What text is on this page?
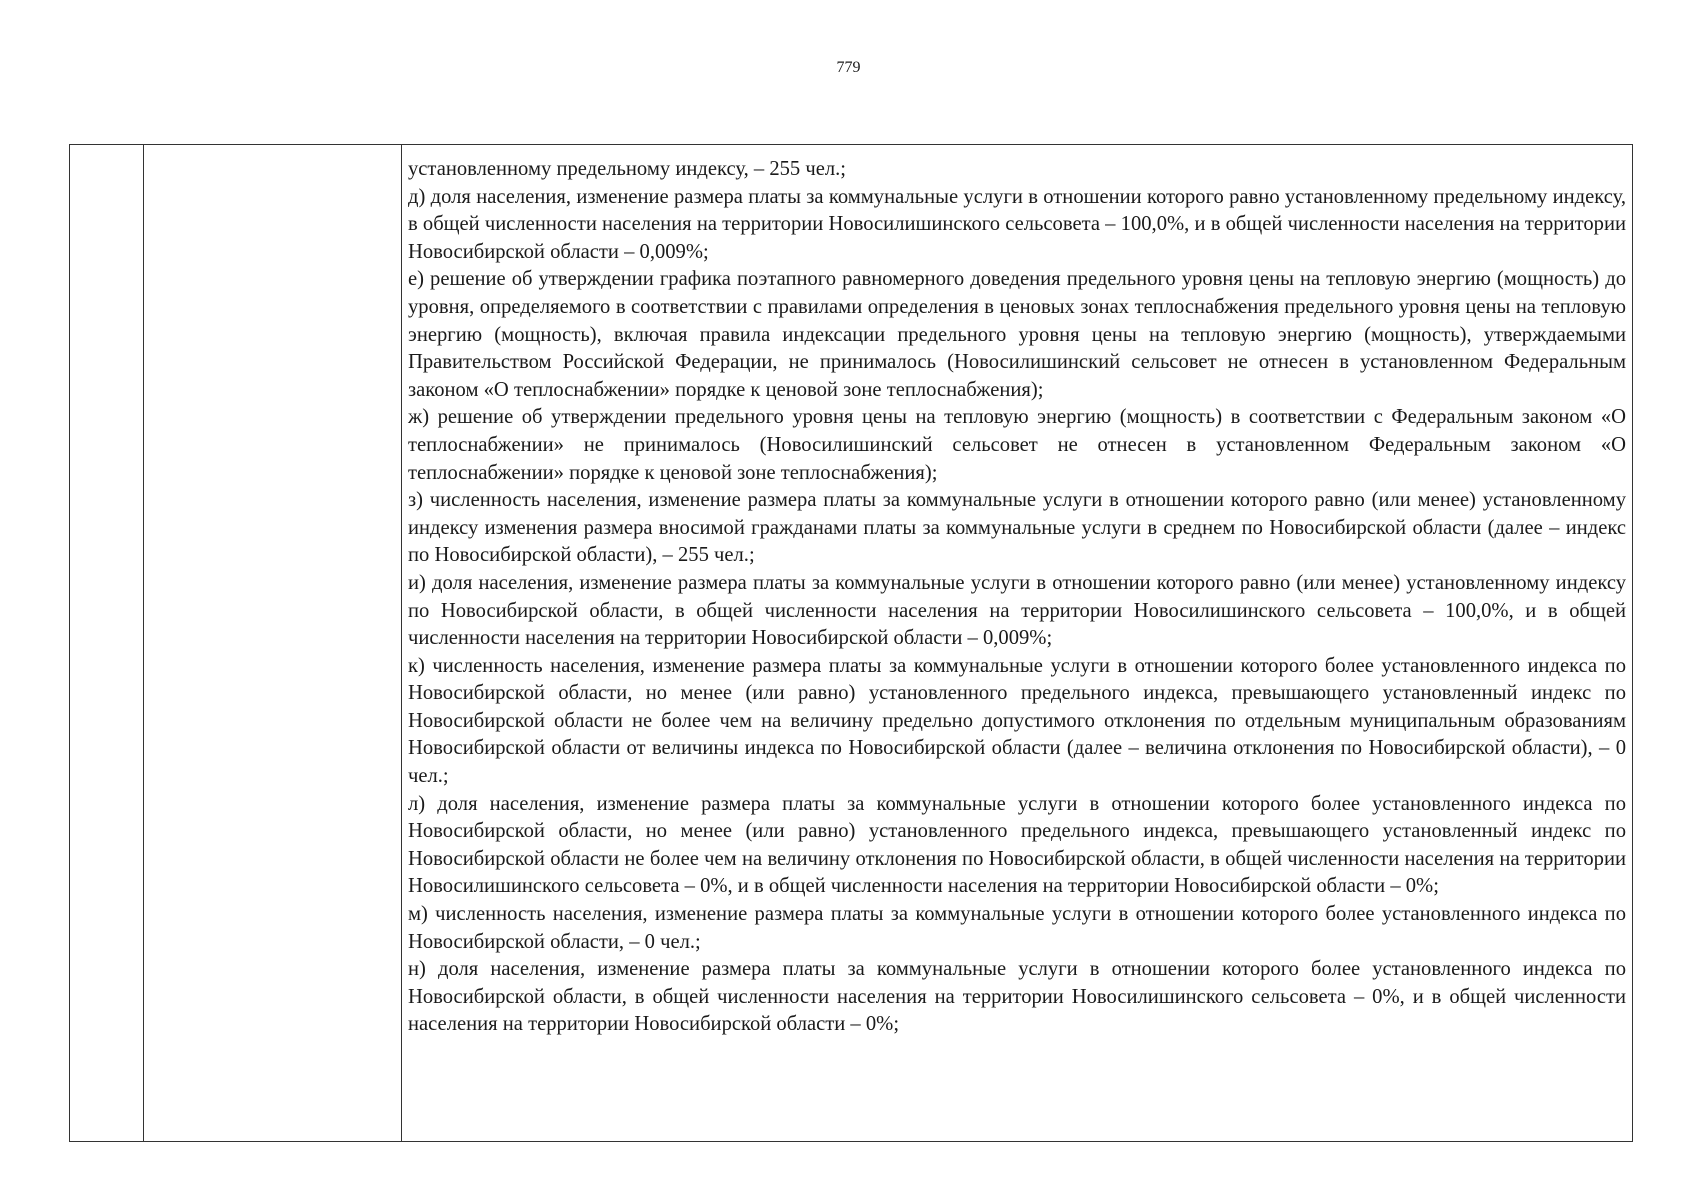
779

установленному предельному индексу, – 255 чел.;

д) доля населения, изменение размера платы за коммунальные услуги в отношении которого равно установленному предельному индексу, в общей численности населения на территории Новосилишинского сельсовета – 100,0%, и в общей численности населения на территории Новосибирской области – 0,009%;

е) решение об утверждении графика поэтапного равномерного доведения предельного уровня цены на тепловую энергию (мощность) до уровня, определяемого в соответствии с правилами определения в ценовых зонах теплоснабжения предельного уровня цены на тепловую энергию (мощность), включая правила индексации предельного уровня цены на тепловую энергию (мощность), утверждаемыми Правительством Российской Федерации, не принималось (Новосилишинский сельсовет не отнесен в установленном Федеральным законом «О теплоснабжении» порядке к ценовой зоне теплоснабжения);

ж) решение об утверждении предельного уровня цены на тепловую энергию (мощность) в соответствии с Федеральным законом «О теплоснабжении» не принималось (Новосилишинский сельсовет не отнесен в установленном Федеральным законом «О теплоснабжении» порядке к ценовой зоне теплоснабжения);

з) численность населения, изменение размера платы за коммунальные услуги в отношении которого равно (или менее) установленному индексу изменения размера вносимой гражданами платы за коммунальные услуги в среднем по Новосибирской области (далее – индекс по Новосибирской области), – 255 чел.;

и) доля населения, изменение размера платы за коммунальные услуги в отношении которого равно (или менее) установленному индексу по Новосибирской области, в общей численности населения на территории Новосилишинского сельсовета – 100,0%, и в общей численности населения на территории Новосибирской области – 0,009%;

к) численность населения, изменение размера платы за коммунальные услуги в отношении которого более установленного индекса по Новосибирской области, но менее (или равно) установленного предельного индекса, превышающего установленный индекс по Новосибирской области не более чем на величину предельно допустимого отклонения по отдельным муниципальным образованиям Новосибирской области от величины индекса по Новосибирской области (далее – величина отклонения по Новосибирской области), – 0 чел.;

л) доля населения, изменение размера платы за коммунальные услуги в отношении которого более установленного индекса по Новосибирской области, но менее (или равно) установленного предельного индекса, превышающего установленный индекс по Новосибирской области не более чем на величину отклонения по Новосибирской области, в общей численности населения на территории Новосилишинского сельсовета – 0%, и в общей численности населения на территории Новосибирской области – 0%;

м) численность населения, изменение размера платы за коммунальные услуги в отношении которого более установленного индекса по Новосибирской области, – 0 чел.;

н) доля населения, изменение размера платы за коммунальные услуги в отношении которого более установленного индекса по Новосибирской области, в общей численности населения на территории Новосилишинского сельсовета – 0%, и в общей численности населения на территории Новосибирской области – 0%;
